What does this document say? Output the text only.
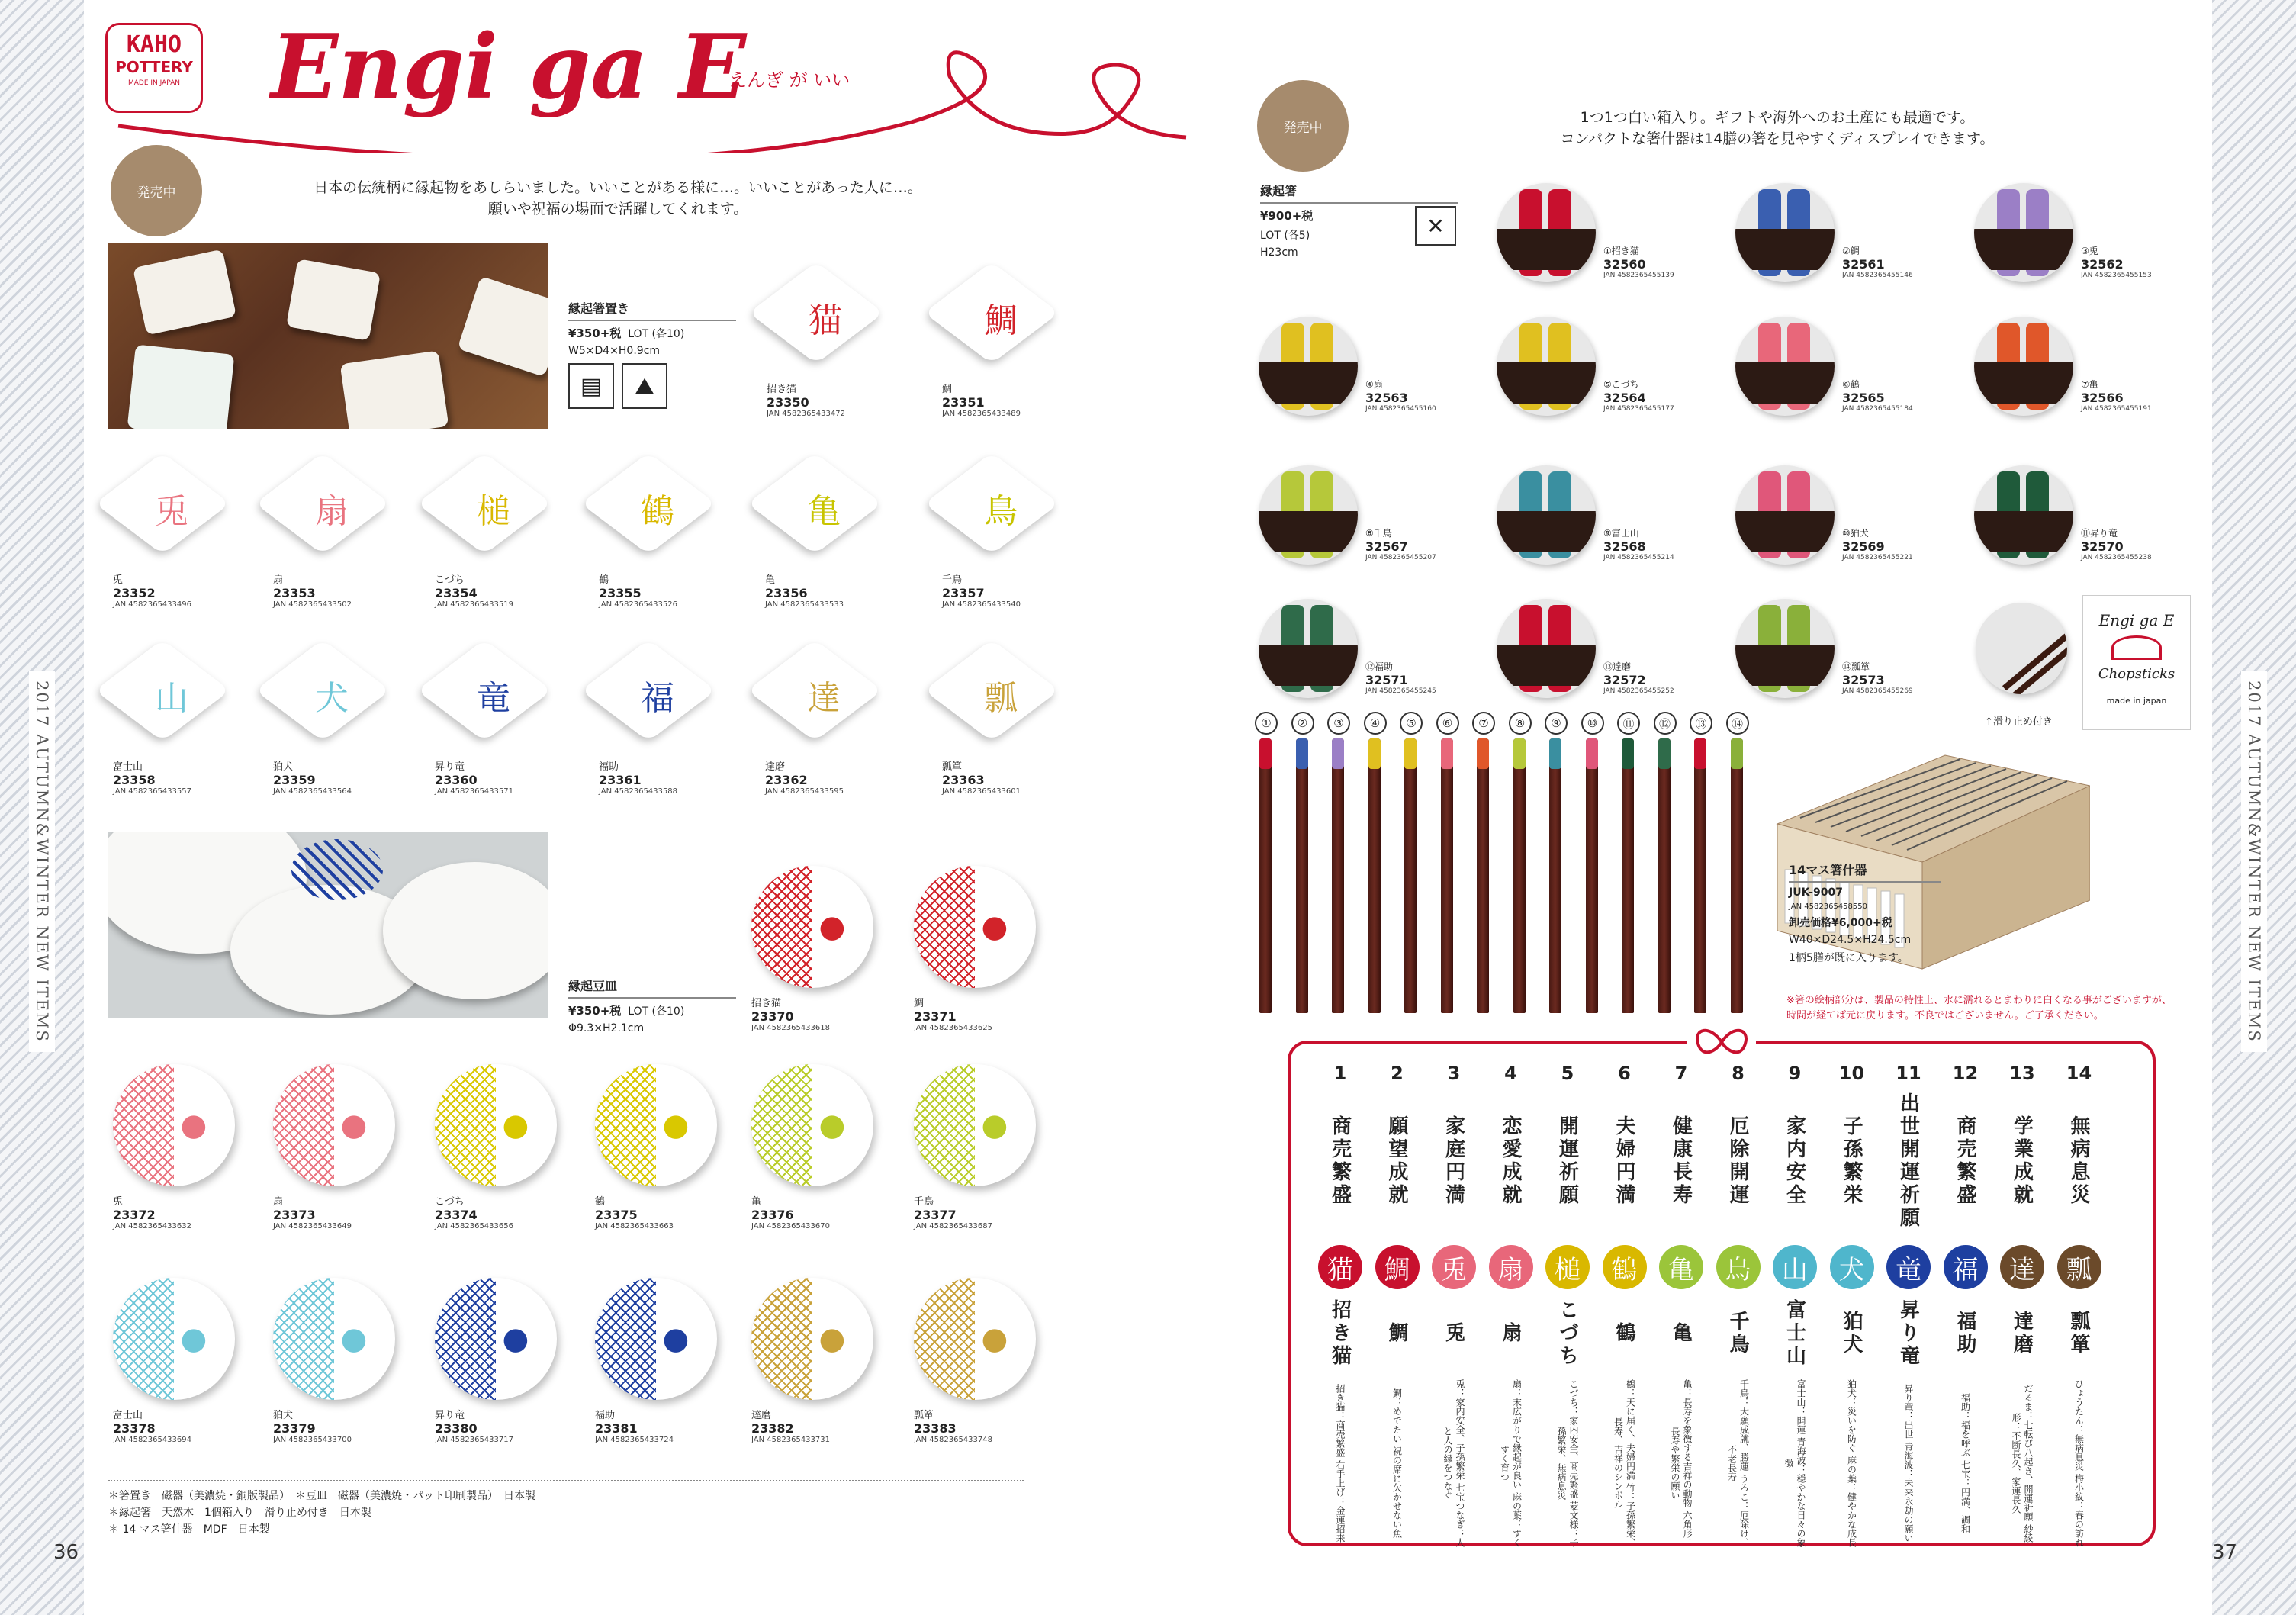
2017 AUTUMN&WINTER NEW ITEMS	2017 AUTUMN&WINTER NEW ITEMS
36	37
KAHO
POTTERY
MADE IN JAPAN Engi ga E
えんぎ が いい
発売中
発売中
日本の伝統柄に縁起物をあしらいました。いいことがある様に…。いいことがあった人に…。
願いや祝福の場面で活躍してくれます。
1つ1つ白い箱入り。ギフトや海外へのお土産にも最適です。
コンパクトな箸什器は14膳の箸を見やすくディスプレイできます。
縁起箸置き
¥350+税 LOT (各10)
W5×D4×H0.9cm
▤	⛰
縁起豆皿
¥350+税 LOT (各10)
Φ9.3×H2.1cm
猫
招き猫
23350
JAN 4582365433472
鯛
鯛
23351
JAN 4582365433489
兎
兎
23352
JAN 4582365433496
扇
扇
23353
JAN 4582365433502
槌
こづち
23354
JAN 4582365433519
鶴
鶴
23355
JAN 4582365433526
亀
亀
23356
JAN 4582365433533
鳥
千鳥
23357
JAN 4582365433540
山
富士山
23358
JAN 4582365433557
犬
狛犬
23359
JAN 4582365433564
竜
昇り竜
23360
JAN 4582365433571
福
福助
23361
JAN 4582365433588
達
達磨
23362
JAN 4582365433595
瓢
瓢箪
23363
JAN 4582365433601
●
招き猫
23370
JAN 4582365433618
●
鯛
23371
JAN 4582365433625
●
兎
23372
JAN 4582365433632
●
扇
23373
JAN 4582365433649
●
こづち
23374
JAN 4582365433656
●
鶴
23375
JAN 4582365433663
●
亀
23376
JAN 4582365433670
●
千鳥
23377
JAN 4582365433687
●
富士山
23378
JAN 4582365433694
●
狛犬
23379
JAN 4582365433700
●
昇り竜
23380
JAN 4582365433717
●
福助
23381
JAN 4582365433724
●
達磨
23382
JAN 4582365433731
●
瓢箪
23383
JAN 4582365433748
＊箸置き　磁器（美濃焼・銅版製品）　＊豆皿　磁器（美濃焼・パット印刷製品）　日本製
＊縁起箸　天然木　1個箱入り　滑り止め付き　日本製
＊ 14 マス箸什器　MDF　日本製
縁起箸
¥900+税
LOT (各5)
H23cm
✕
①招き猫
32560
JAN 4582365455139
②鯛
32561
JAN 4582365455146
③兎
32562
JAN 4582365455153
④扇
32563
JAN 4582365455160
⑤こづち
32564
JAN 4582365455177
⑥鶴
32565
JAN 4582365455184
⑦亀
32566
JAN 4582365455191
⑧千鳥
32567
JAN 4582365455207
⑨富士山
32568
JAN 4582365455214
⑩狛犬
32569
JAN 4582365455221
⑪昇り竜
32570
JAN 4582365455238
⑫福助
32571
JAN 4582365455245
⑬達磨
32572
JAN 4582365455252
⑭瓢箪
32573
JAN 4582365455269
↑滑り止め付き
Engi ga E
Chopsticks
made in japan
①	②	③	④	⑤	⑥	⑦	⑧	⑨	⑩	⑪	⑫	⑬	⑭
14マス箸什器
JUK-9007
JAN 4582365458550
卸売価格¥6,000+税
W40×D24.5×H24.5cm
1柄5膳が既に入ります。
※箸の絵柄部分は、製品の特性上、水に濡れるとまわりに白くなる事がございますが、
時間が経てば元に戻ります。不良ではございません。ご了承ください。
1
商売繁盛
猫
招き猫
招き猫：商売繁盛 右手上げ：金運招来
2
願望成就
鯛
鯛
鯛：めでたい 祝の席に欠かせない魚
3
家庭円満
兎
兎
兎：家内安全、子孫繁栄 七宝つなぎ：人と人の縁をつなぐ
4
恋愛成就
扇
扇
扇：末広がりで縁起が良い 麻の葉：すくすく育つ
5
開運祈願
槌
こづち
こづち：家内安全、商売繁盛 菱文様：子孫繁栄、無病息災
6
夫婦円満
鶴
鶴
鶴：天に届く、夫婦円満 竹：子孫繁栄、長寿、吉祥のシンボル
7
健康長寿
亀
亀
亀：長寿を象徴する吉祥の動物 六角形：長寿や繁栄の願い
8
厄除開運
鳥
千鳥
千鳥：大願成就、勝運 うろこ：厄除け、不老長寿
9
家内安全
山
富士山
富士山：開運 青海波：穏やかな日々の象徴
10
子孫繁栄
犬
狛犬
狛犬：災いを防ぐ 麻の葉：健やかな成長
11
出世開運祈願
竜
昇り竜
昇り竜：出世 青海波：未来永劫の願い
12
商売繁盛
福
福助
福助：福を呼ぶ 七宝：円満、調和
13
学業成就
達
達磨
だるま：七転び八起き、開運祈願 紗綾形：不断長久、家運長久
14
無病息災
瓢
瓢箪
ひょうたん：無病息災 梅小紋：春の訪れ
